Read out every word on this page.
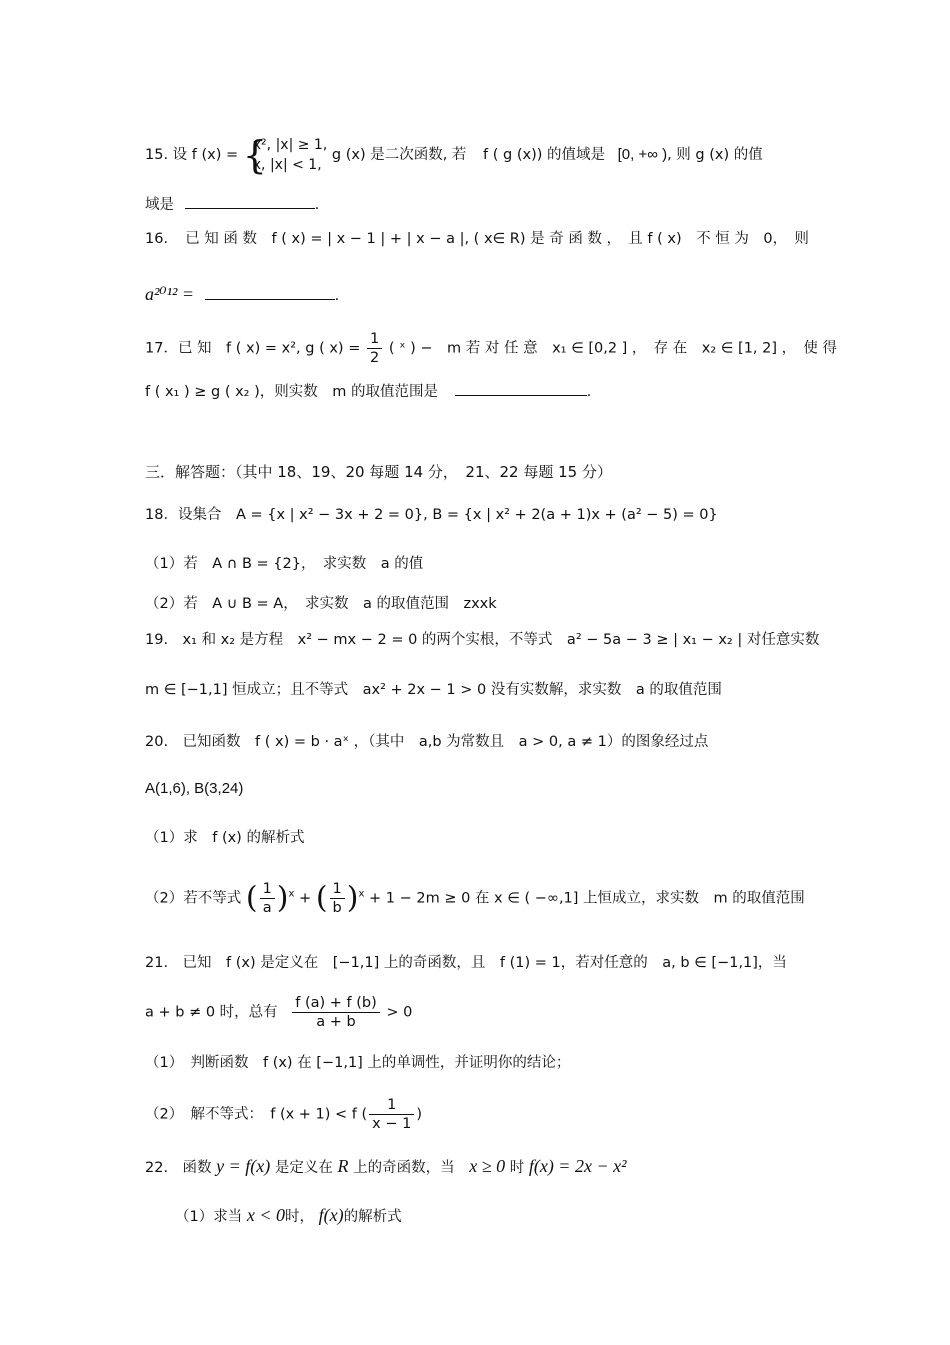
15. 设 f (x) = {
x², |x| ≥ 1,
x, |x| < 1,
g (x) 是二次函数, 若 f ( g (x)) 的值域是 [0, +∞ ), 则 g (x) 的值
域是	.
16．　已 知 函 数　f ( x) = | x − 1 | + | x − a |, ( x∈ R) 是 奇 函 数 ，　且 f ( x)　不 恒 为　0，　则
a²⁰¹² =	.
17．已 知　f ( x) = x², g ( $x) = \frac{1}{2}$ ( ˣ ) −　m 若 对 任 意　x₁ ∈ [0,2 ] ，　存 在　x₂ ∈ [1, 2] ，　使 得
f ( x₁ ) ≥ g ( x₂ )，则实数　m 的取值范围是	.
三．解答题：（其中 18、19、20 每题 14 分，　21、22 每题 15 分）
18．设集合　A = {x | x² − 3x + 2 = 0}, B = {x | x² + 2(a + 1)x + (a² − 5) = 0}
（1）若　A ∩ B = {2}，　求实数　a 的值
（2）若　A ∪ B = A，　求实数　a 的取值范围　zxxk
19.　x₁ 和 x₂ 是方程　x² − mx − 2 = 0 的两个实根，不等式　a² − 5a − 3 ≥ | x₁ − x₂ | 对任意实数
m ∈ [−1,1] 恒成立；且不等式　ax² + 2x − 1 > 0 没有实数解，求实数　a 的取值范围
20.　已知函数　f ( x) = b · aˣ ，（其中　a,b 为常数且　a > 0, a ≠ 1）的图象经过点
A(1,6), B(3,24)
（1）求　f (x) 的解析式
（2）若不等式 ( $\frac{1}{a} )^x$ + ( $\frac{1}{b} )^x + 1 - 2m \ge 0$ 在 x ∈ ( −∞,1] 上恒成立，求实数　m 的取值范围
21.　已知　f (x) 是定义在　[−1,1] 上的奇函数，且　f (1) = 1，若对任意的　a, b ∈ [−1,1]，当
a + b ≠ 0 时，总有 $\frac{f (a) + f (b)}{a + b} > 0$
（1）　判断函数　f (x) 在 [−1,1] 上的单调性，并证明你的结论；
（2）　解不等式：　f (x + 1) < f ( $\frac{1}{x - 1}$ )
22.　函数 y = f(x) 是定义在 R 上的奇函数，当 x ≥ 0 时 f(x) = 2x − x²
（1）求当 x < 0时， f(x)的解析式
